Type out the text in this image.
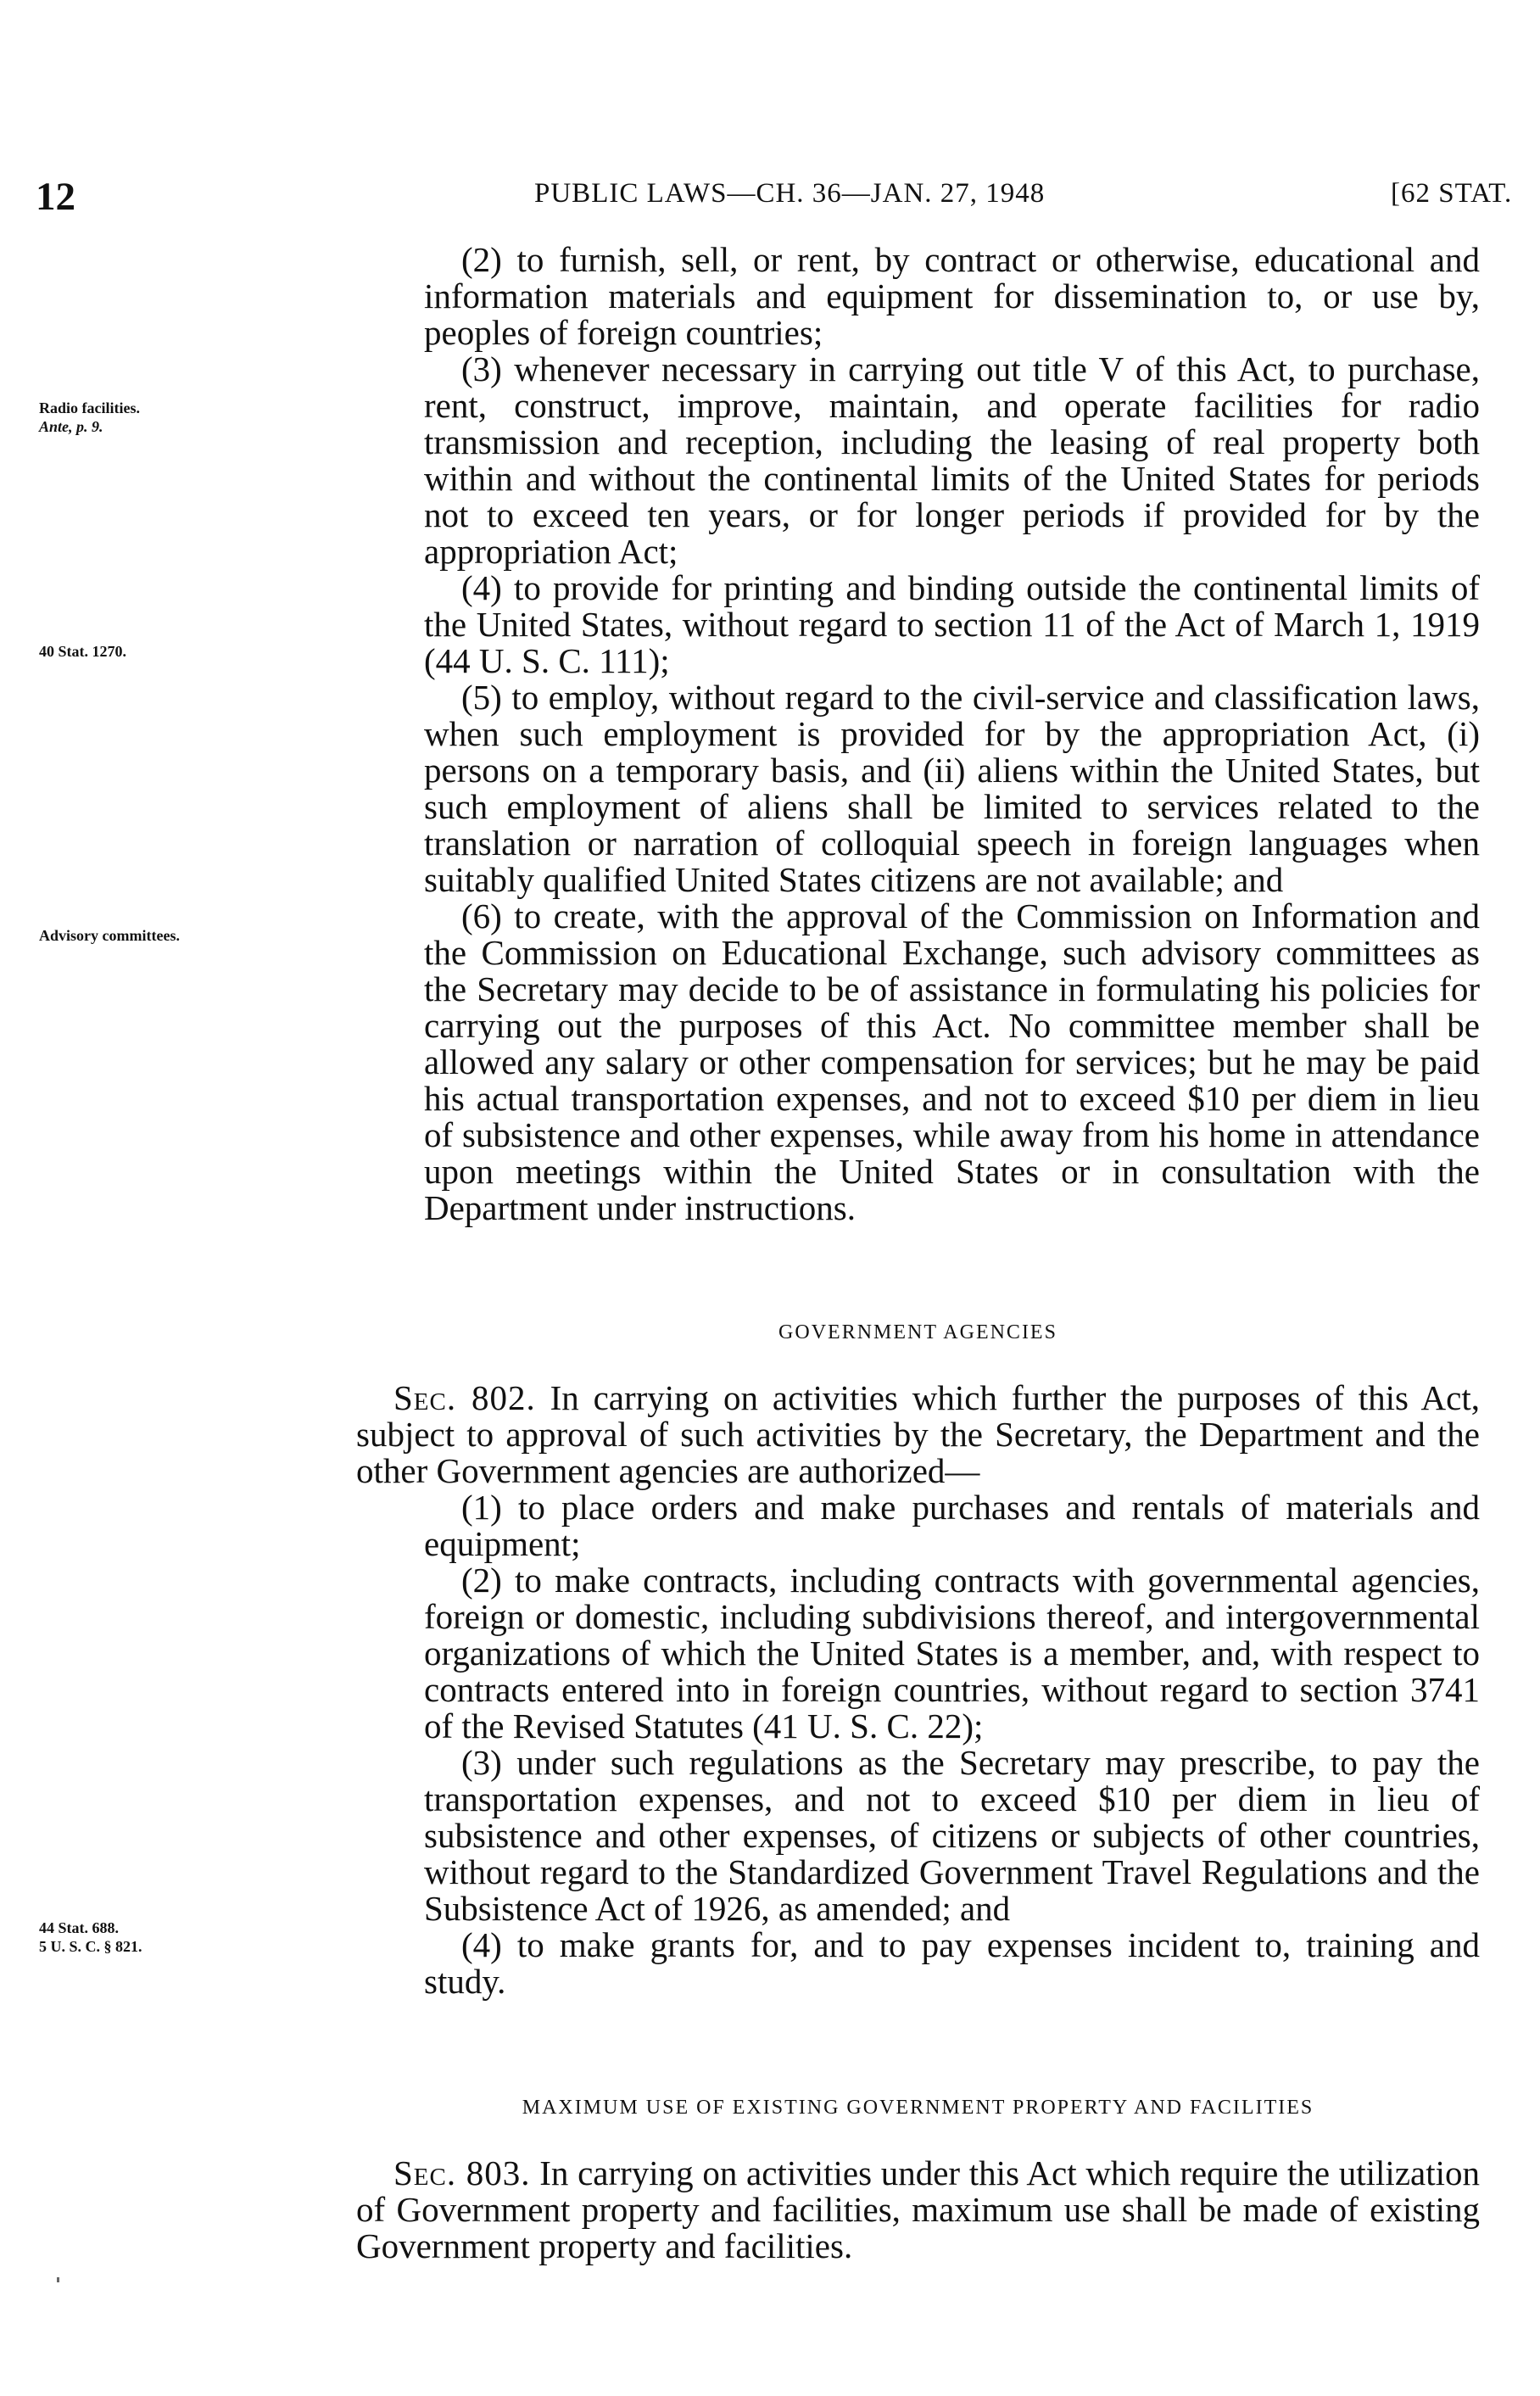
12	PUBLIC LAWS—CH. 36—JAN. 27, 1948	[62 STAT.
Radio facilities.
Ante, p. 9.
40 Stat. 1270.
Advisory committees.
44 Stat. 688.
5 U. S. C. § 821.

(2) to furnish, sell, or rent, by contract or otherwise, educational and information materials and equipment for dissemination to, or use by, peoples of foreign countries;

(3) whenever necessary in carrying out title V of this Act, to purchase, rent, construct, improve, maintain, and operate facilities for radio transmission and reception, including the leasing of real property both within and without the continental limits of the United States for periods not to exceed ten years, or for longer periods if provided for by the appropriation Act;

(4) to provide for printing and binding outside the continental limits of the United States, without regard to section 11 of the Act of March 1, 1919 (44 U. S. C. 111);

(5) to employ, without regard to the civil-service and classification laws, when such employment is provided for by the appropriation Act, (i) persons on a temporary basis, and (ii) aliens within the United States, but such employment of aliens shall be limited to services related to the translation or narration of colloquial speech in foreign languages when suitably qualified United States citizens are not available; and

(6) to create, with the approval of the Commission on Information and the Commission on Educational Exchange, such advisory committees as the Secretary may decide to be of assistance in formulating his policies for carrying out the purposes of this Act. No committee member shall be allowed any salary or other compensation for services; but he may be paid his actual transportation expenses, and not to exceed $10 per diem in lieu of subsistence and other expenses, while away from his home in attendance upon meetings within the United States or in consultation with the Department under instructions.

GOVERNMENT AGENCIES

Sec. 802. In carrying on activities which further the purposes of this Act, subject to approval of such activities by the Secretary, the Department and the other Government agencies are authorized—

(1) to place orders and make purchases and rentals of materials and equipment;

(2) to make contracts, including contracts with governmental agencies, foreign or domestic, including subdivisions thereof, and intergovernmental organizations of which the United States is a member, and, with respect to contracts entered into in foreign countries, without regard to section 3741 of the Revised Statutes (41 U. S. C. 22);

(3) under such regulations as the Secretary may prescribe, to pay the transportation expenses, and not to exceed $10 per diem in lieu of subsistence and other expenses, of citizens or subjects of other countries, without regard to the Standardized Government Travel Regulations and the Subsistence Act of 1926, as amended; and

(4) to make grants for, and to pay expenses incident to, training and study.

MAXIMUM USE OF EXISTING GOVERNMENT PROPERTY AND FACILITIES

Sec. 803. In carrying on activities under this Act which require the utilization of Government property and facilities, maximum use shall be made of existing Government property and facilities.
